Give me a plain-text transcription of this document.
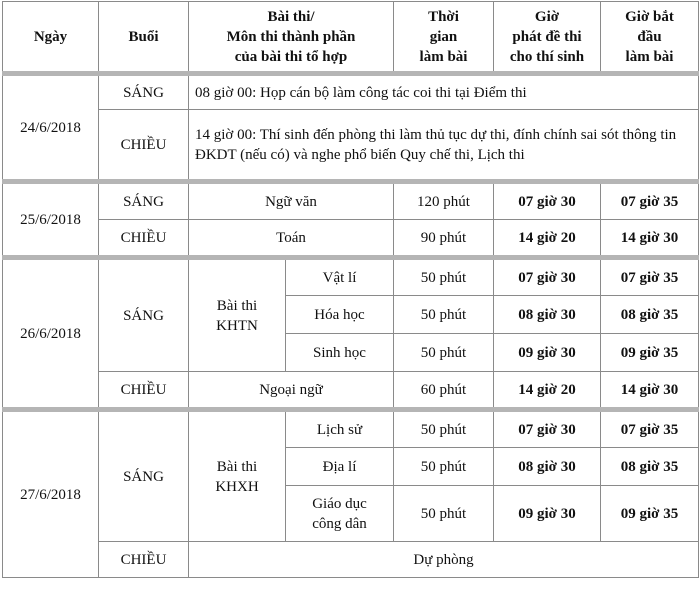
Ngày	Buổi	Bài thi/
Môn thi thành phần
của bài thi tổ hợp		Thời
gian
làm bài	Giờ
phát đề thi
cho thí sinh	Giờ bắt
đầu
làm bài
24/6/2018	SÁNG	08 giờ 00: Họp cán bộ làm công tác coi thi tại Điểm thi				
	CHIỀU	14 giờ 00: Thí sinh đến phòng thi làm thủ tục dự thi, đính chính sai sót thông tin ĐKDT (nếu có) và nghe phổ biến Quy chế thi, Lịch thi				
25/6/2018	SÁNG	Ngữ văn		120 phút	07 giờ 30	07 giờ 35
	CHIỀU	Toán		90 phút	14 giờ 20	14 giờ 30
26/6/2018	SÁNG	Bài thi
KHTN	Vật lí	50 phút	07 giờ 30	07 giờ 35
			Hóa học	50 phút	08 giờ 30	08 giờ 35
			Sinh học	50 phút	09 giờ 30	09 giờ 35
	CHIỀU	Ngoại ngữ		60 phút	14 giờ 20	14 giờ 30
27/6/2018	SÁNG	Bài thi
KHXH	Lịch sử	50 phút	07 giờ 30	07 giờ 35
			Địa lí	50 phút	08 giờ 30	08 giờ 35
			Giáo dục
công dân	50 phút	09 giờ 30	09 giờ 35
	CHIỀU	Dự phòng				
